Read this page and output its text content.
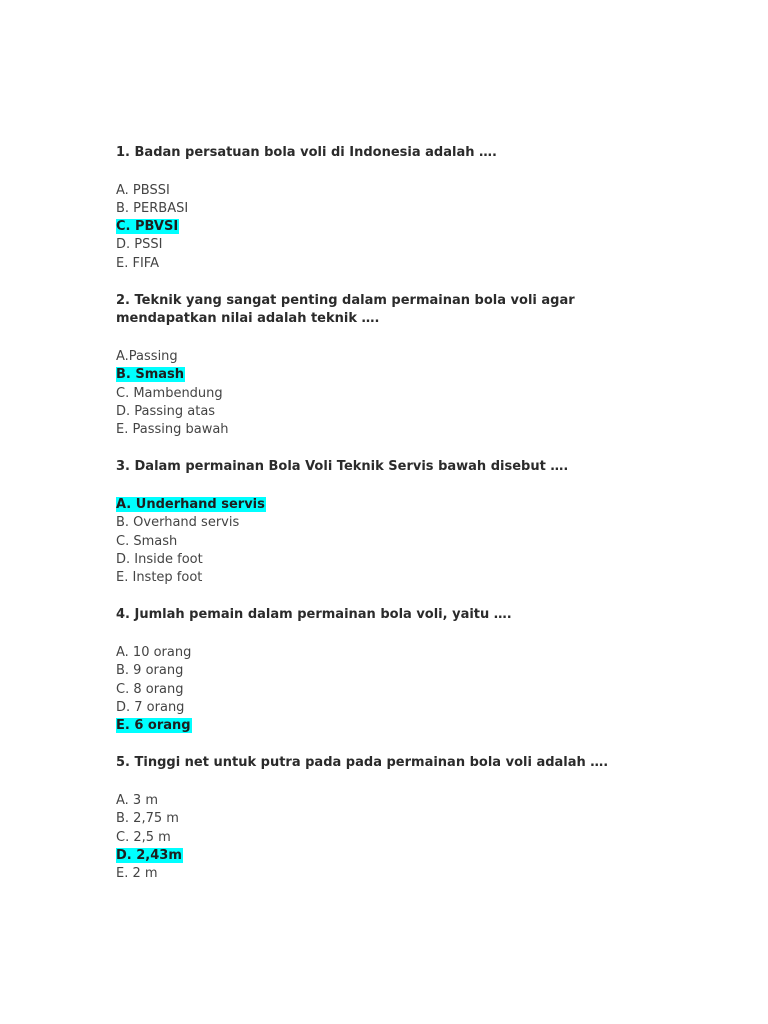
1. Badan persatuan bola voli di Indonesia adalah ….

A. PBSSI
B. PERBASI
C. PBVSI
D. PSSI
E. FIFA

2. Teknik yang sangat penting dalam permainan bola voli agar
mendapatkan nilai adalah teknik ….

A.Passing
B. Smash
C. Mambendung
D. Passing atas
E. Passing bawah

3. Dalam permainan Bola Voli Teknik Servis bawah disebut ….

A. Underhand servis
B. Overhand servis
C. Smash
D. Inside foot
E. Instep foot

4. Jumlah pemain dalam permainan bola voli, yaitu ….

A. 10 orang
B. 9 orang
C. 8 orang
D. 7 orang
E. 6 orang

5. Tinggi net untuk putra pada pada permainan bola voli adalah ….

A. 3 m
B. 2,75 m
C. 2,5 m
D. 2,43m
E. 2 m
